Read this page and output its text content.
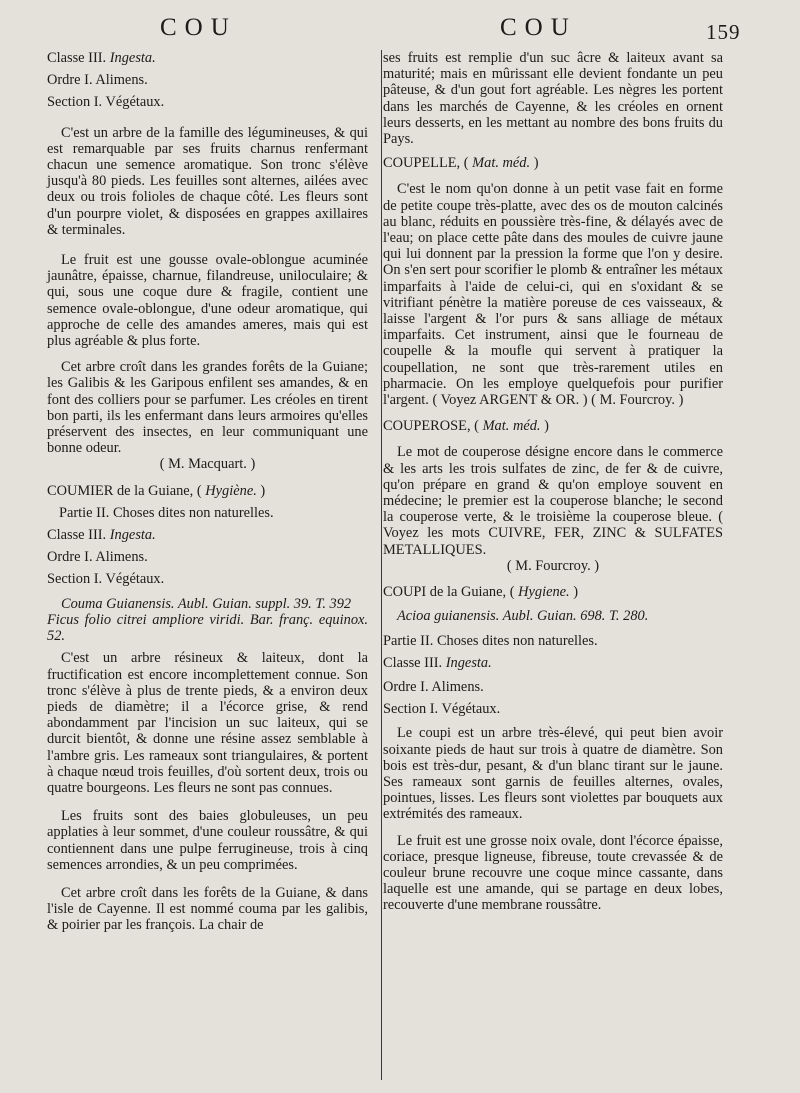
COU	COU	159
Classe III. Ingesta.
Ordre I. Alimens.
Section I. Végétaux.

C'est un arbre de la famille des légumineuses, & qui est remarquable par ses fruits charnus renfermant chacun une semence aromatique. Son tronc s'élève jusqu'à 80 pieds. Les feuilles sont alternes, ailées avec deux ou trois folioles de chaque côté. Les fleurs sont d'un pourpre violet, & disposées en grappes axillaires & terminales.

Le fruit est une gousse ovale-oblongue acuminée jaunâtre, épaisse, charnue, filandreuse, uniloculaire; & qui, sous une coque dure & fragile, contient une semence ovale-oblongue, d'une odeur aromatique, qui approche de celle des amandes ameres, mais qui est plus agréable & plus forte.

Cet arbre croît dans les grandes forêts de la Guiane; les Galibis & les Garipous enfilent ses amandes, & en font des colliers pour se parfumer. Les créoles en tirent bon parti, ils les enfermant dans leurs armoires qu'elles préservent des insectes, en leur communiquant une bonne odeur.

( M. Macquart. )

COUMIER de la Guiane, ( Hygiène. )
Partie II. Choses dites non naturelles.
Classe III. Ingesta.
Ordre I. Alimens.
Section I. Végétaux.

Couma Guianensis. Aubl. Guian. suppl. 39. T. 392

Ficus folio citrei ampliore viridi. Bar. franç. equinox. 52.

C'est un arbre résineux & laiteux, dont la fructification est encore incomplettement connue. Son tronc s'élève à plus de trente pieds, & a environ deux pieds de diamètre; il a l'écorce grise, & rend abondamment par l'incision un suc laiteux, qui se durcit bientôt, & donne une résine assez semblable à l'ambre gris. Les rameaux sont triangulaires, & portent à chaque nœud trois feuilles, d'où sortent deux, trois ou quatre bourgeons. Les fleurs ne sont pas connues.

Les fruits sont des baies globuleuses, un peu applaties à leur sommet, d'une couleur roussâtre, & qui contiennent dans une pulpe ferrugineuse, trois à cinq semences arrondies, & un peu comprimées.

Cet arbre croît dans les forêts de la Guiane, & dans l'isle de Cayenne. Il est nommé couma par les galibis, & poirier par les françois. La chair de

ses fruits est remplie d'un suc âcre & laiteux avant sa maturité; mais en mûrissant elle devient fondante un peu pâteuse, & d'un gout fort agréable. Les nègres les portent dans les marchés de Cayenne, & les créoles en ornent leurs desserts, en les mettant au nombre des bons fruits du Pays.

COUPELLE, ( Mat. méd. )

C'est le nom qu'on donne à un petit vase fait en forme de petite coupe très-platte, avec des os de mouton calcinés au blanc, réduits en poussière très-fine, & délayés avec de l'eau; on place cette pâte dans des moules de cuivre jaune qui lui donnent par la pression la forme que l'on y desire. On s'en sert pour scorifier le plomb & entraîner les métaux imparfaits à l'aide de celui-ci, qui en s'oxidant & se vitrifiant pénètre la matière poreuse de ces vaisseaux, & laisse l'argent & l'or purs & sans alliage de métaux imparfaits. Cet instrument, ainsi que le fourneau de coupelle & la moufle qui servent à pratiquer la coupellation, ne sont que très-rarement utiles en pharmacie. On les employe quelquefois pour purifier l'argent. ( Voyez ARGENT & OR. ) ( M. Fourcroy. )

COUPEROSE, ( Mat. méd. )

Le mot de couperose désigne encore dans le commerce & les arts les trois sulfates de zinc, de fer & de cuivre, qu'on prépare en grand & qu'on employe souvent en médecine; le premier est la couperose blanche; le second la couperose verte, & le troisième la couperose bleue. ( Voyez les mots CUIVRE, FER, ZINC & SULFATES METALLIQUES.

( M. Fourcroy. )

COUPI de la Guiane, ( Hygiene. )

Acioa guianensis. Aubl. Guian. 698. T. 280.

Partie II. Choses dites non naturelles.
Classe III. Ingesta.
Ordre I. Alimens.
Section I. Végétaux.

Le coupi est un arbre très-élevé, qui peut bien avoir soixante pieds de haut sur trois à quatre de diamètre. Son bois est très-dur, pesant, & d'un blanc tirant sur le jaune. Ses rameaux sont garnis de feuilles alternes, ovales, pointues, lisses. Les fleurs sont violettes par bouquets aux extrémités des rameaux.

Le fruit est une grosse noix ovale, dont l'écorce épaisse, coriace, presque ligneuse, fibreuse, toute crevassée & de couleur brune recouvre une coque mince cassante, dans laquelle est une amande, qui se partage en deux lobes, recouverte d'une membrane roussâtre.
